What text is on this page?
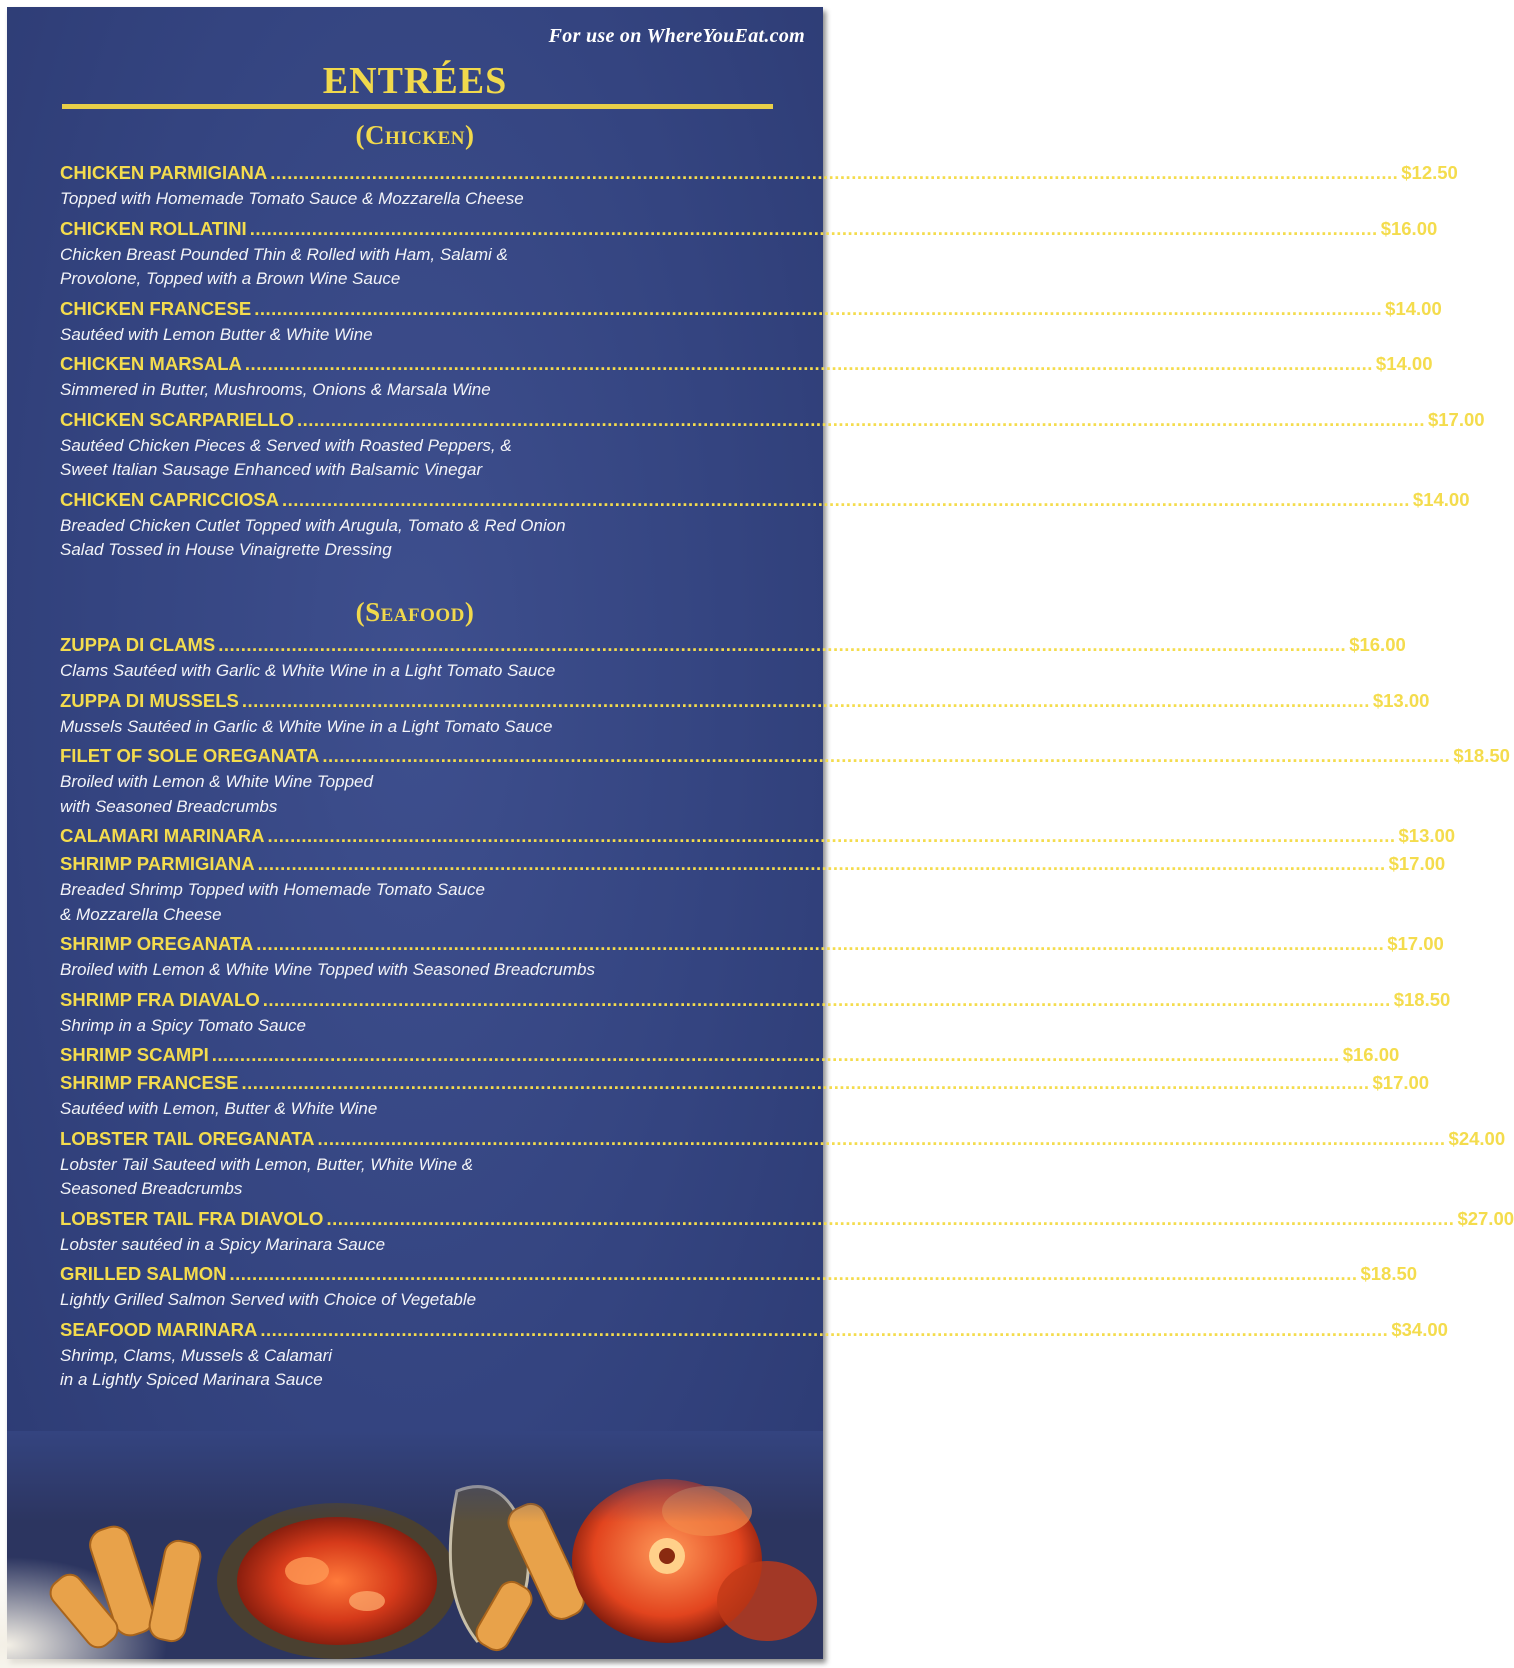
For use on WhereYouEat.com
ENTRÉES
(Chicken)
CHICKEN PARMIGIANA ........................................................................................................................................................................................................ $12.50
Topped with Homemade Tomato Sauce & Mozzarella Cheese
CHICKEN ROLLATINI ........................................................................................................................................................................................................ $16.00
Chicken Breast Pounded Thin & Rolled with Ham, Salami &
Provolone, Topped with a Brown Wine Sauce
CHICKEN FRANCESE ........................................................................................................................................................................................................ $14.00
Sautéed with Lemon Butter & White Wine
CHICKEN MARSALA ........................................................................................................................................................................................................ $14.00
Simmered in Butter, Mushrooms, Onions & Marsala Wine
CHICKEN SCARPARIELLO ........................................................................................................................................................................................................ $17.00
Sautéed Chicken Pieces & Served with Roasted Peppers, &
Sweet Italian Sausage Enhanced with Balsamic Vinegar
CHICKEN CAPRICCIOSA ........................................................................................................................................................................................................ $14.00
Breaded Chicken Cutlet Topped with Arugula, Tomato & Red Onion
Salad Tossed in House Vinaigrette Dressing
(Seafood)
ZUPPA DI CLAMS ........................................................................................................................................................................................................ $16.00
Clams Sautéed with Garlic & White Wine in a Light Tomato Sauce
ZUPPA DI MUSSELS ........................................................................................................................................................................................................ $13.00
Mussels Sautéed in Garlic & White Wine in a Light Tomato Sauce
FILET OF SOLE OREGANATA ........................................................................................................................................................................................................ $18.50
Broiled with Lemon & White Wine Topped
with Seasoned Breadcrumbs
CALAMARI MARINARA ........................................................................................................................................................................................................ $13.00
SHRIMP PARMIGIANA ........................................................................................................................................................................................................ $17.00
Breaded Shrimp Topped with Homemade Tomato Sauce
& Mozzarella Cheese
SHRIMP OREGANATA ........................................................................................................................................................................................................ $17.00
Broiled with Lemon & White Wine Topped with Seasoned Breadcrumbs
SHRIMP FRA DIAVALO ........................................................................................................................................................................................................ $18.50
Shrimp in a Spicy Tomato Sauce
SHRIMP SCAMPI ........................................................................................................................................................................................................ $16.00
SHRIMP FRANCESE ........................................................................................................................................................................................................ $17.00
Sautéed with Lemon, Butter & White Wine
LOBSTER TAIL OREGANATA ........................................................................................................................................................................................................ $24.00
Lobster Tail Sauteed with Lemon, Butter, White Wine &
Seasoned Breadcrumbs
LOBSTER TAIL FRA DIAVOLO ........................................................................................................................................................................................................ $27.00
Lobster sautéed in a Spicy Marinara Sauce
GRILLED SALMON ........................................................................................................................................................................................................ $18.50
Lightly Grilled Salmon Served with Choice of Vegetable
SEAFOOD MARINARA ........................................................................................................................................................................................................ $34.00
Shrimp, Clams, Mussels & Calamari
in a Lightly Spiced Marinara Sauce
